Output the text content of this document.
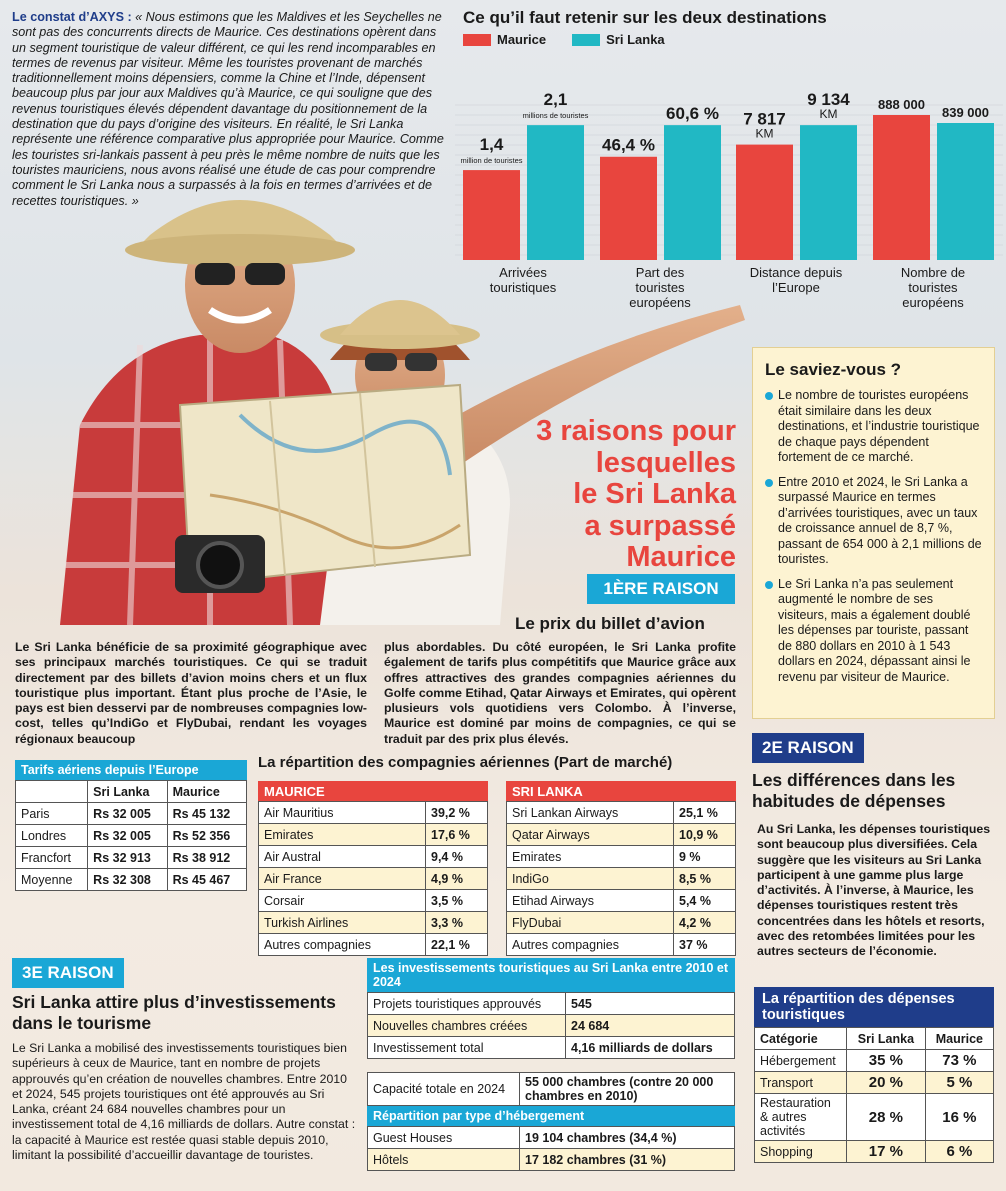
Le constat d’AXYS : « Nous estimons que les Maldives et les Seychelles ne sont pas des concurrents directs de Maurice. Ces destinations opèrent dans un segment touristique de valeur différent, ce qui les rend incomparables en termes de revenus par visiteur. Même les touristes provenant de marchés traditionnellement moins dépensiers, comme la Chine et l’Inde, dépensent beaucoup plus par jour aux Maldives qu’à Maurice, ce qui souligne que des revenus touristiques élevés dépendent davantage du positionnement de la destination que du pays d’origine des visiteurs. En réalité, le Sri Lanka représente une référence comparative plus appropriée pour Maurice. Comme les touristes sri-lankais passent à peu près le même nombre de nuits que les touristes mauriciens, nous avons réalisé une étude de cas pour comprendre comment le Sri Lanka nous a surpassés à la fois en termes d’arrivées et de recettes touristiques. »
Ce qu’il faut retenir sur les deux destinations
Maurice	Sri Lanka
1,4
million de touristes
2,1
millions de touristes
Arrivées
touristiques
46,4 %
60,6 %
Part des
touristes
européens
7 817
KM
9 134
KM
Distance depuis
l’Europe
888 000
839 000
Nombre de
touristes
européens
3 raisons pour
lesquelles
le Sri Lanka
a surpassé
Maurice
1ÈRE RAISON
Le prix du billet d’avion
Le saviez-vous ?
Le nombre de touristes européens était similaire dans les deux destinations, et l’industrie touristique de chaque pays dépendent fortement de ce marché.
Entre 2010 et 2024, le Sri Lanka a surpassé Maurice en termes d’arrivées touristiques, avec un taux de croissance annuel de 8,7 %, passant de 654 000 à 2,1 millions de touristes.
Le Sri Lanka n’a pas seulement augmenté le nombre de ses visiteurs, mais a également doublé les dépenses par touriste, passant de 880 dollars en 2010 à 1 543 dollars en 2024, dépassant ainsi le revenu par visiteur de Maurice.
Le Sri Lanka bénéficie de sa proximité géographique avec ses principaux marchés touristiques. Ce qui se traduit directement par des billets d’avion moins chers et un flux touristique plus important. Étant plus proche de l’Asie, le pays est bien desservi par de nombreuses compagnies low-cost, telles qu’IndiGo et FlyDubai, rendant les voyages régionaux beaucoup
plus abordables. Du côté européen, le Sri Lanka profite également de tarifs plus compétitifs que Maurice grâce aux offres attractives des grandes compagnies aériennes du Golfe comme Etihad, Qatar Airways et Emirates, qui opèrent plusieurs vols quotidiens vers Colombo. À l’inverse, Maurice est dominé par moins de compagnies, ce qui se traduit par des prix plus élevés.
Tarifs aériens depuis l’Europe
	Sri Lanka	Maurice
Paris	Rs 32 005	Rs 45 132
Londres	Rs 32 005	Rs 52 356
Francfort	Rs 32 913	Rs 38 912
Moyenne	Rs 32 308	Rs 45 467
La répartition des compagnies aériennes (Part de marché)
MAURICE
Air Mauritius	39,2 %
Emirates	17,6 %
Air Austral	9,4 %
Air France	4,9 %
Corsair	3,5 %
Turkish Airlines	3,3 %
Autres compagnies	22,1 %
SRI LANKA
Sri Lankan Airways	25,1 %
Qatar Airways	10,9 %
Emirates	9 %
IndiGo	8,5 %
Etihad Airways	5,4 %
FlyDubai	4,2 %
Autres compagnies	37 %
2E RAISON
Les différences dans les habitudes de dépenses
Au Sri Lanka, les dépenses touristiques sont beaucoup plus diversifiées. Cela suggère que les visiteurs au Sri Lanka participent à une gamme plus large d’activités. À l’inverse, à Maurice, les dépenses touristiques restent très concentrées dans les hôtels et resorts, avec des retombées limitées pour les autres secteurs de l’économie.
La répartition des dépenses touristiques
Catégorie	Sri Lanka	Maurice
Hébergement	35 %	73 %
Transport	20 %	5 %
Restauration & autres activités	28 %	16 %
Shopping	17 %	6 %
3E RAISON
Sri Lanka attire plus d’investissements dans le tourisme
Le Sri Lanka a mobilisé des investissements touristiques bien supérieurs à ceux de Maurice, tant en nombre de projets approuvés qu’en création de nouvelles chambres. Entre 2010 et 2024, 545 projets touristiques ont été approuvés au Sri Lanka, créant 24 684 nouvelles chambres pour un investissement total de 4,16 milliards de dollars. Autre constat : la capacité à Maurice est restée quasi stable depuis 2010, limitant la possibilité d’accueillir davantage de touristes.
Les investissements touristiques au Sri Lanka entre 2010 et 2024
Projets touristiques approuvés	545
Nouvelles chambres créées	24 684
Investissement total	4,16 milliards de dollars
Capacité totale en 2024	55 000 chambres (contre 20 000 chambres en 2010)
Répartition par type d’hébergement
Guest Houses	19 104 chambres (34,4 %)
Hôtels	17 182 chambres (31 %)
